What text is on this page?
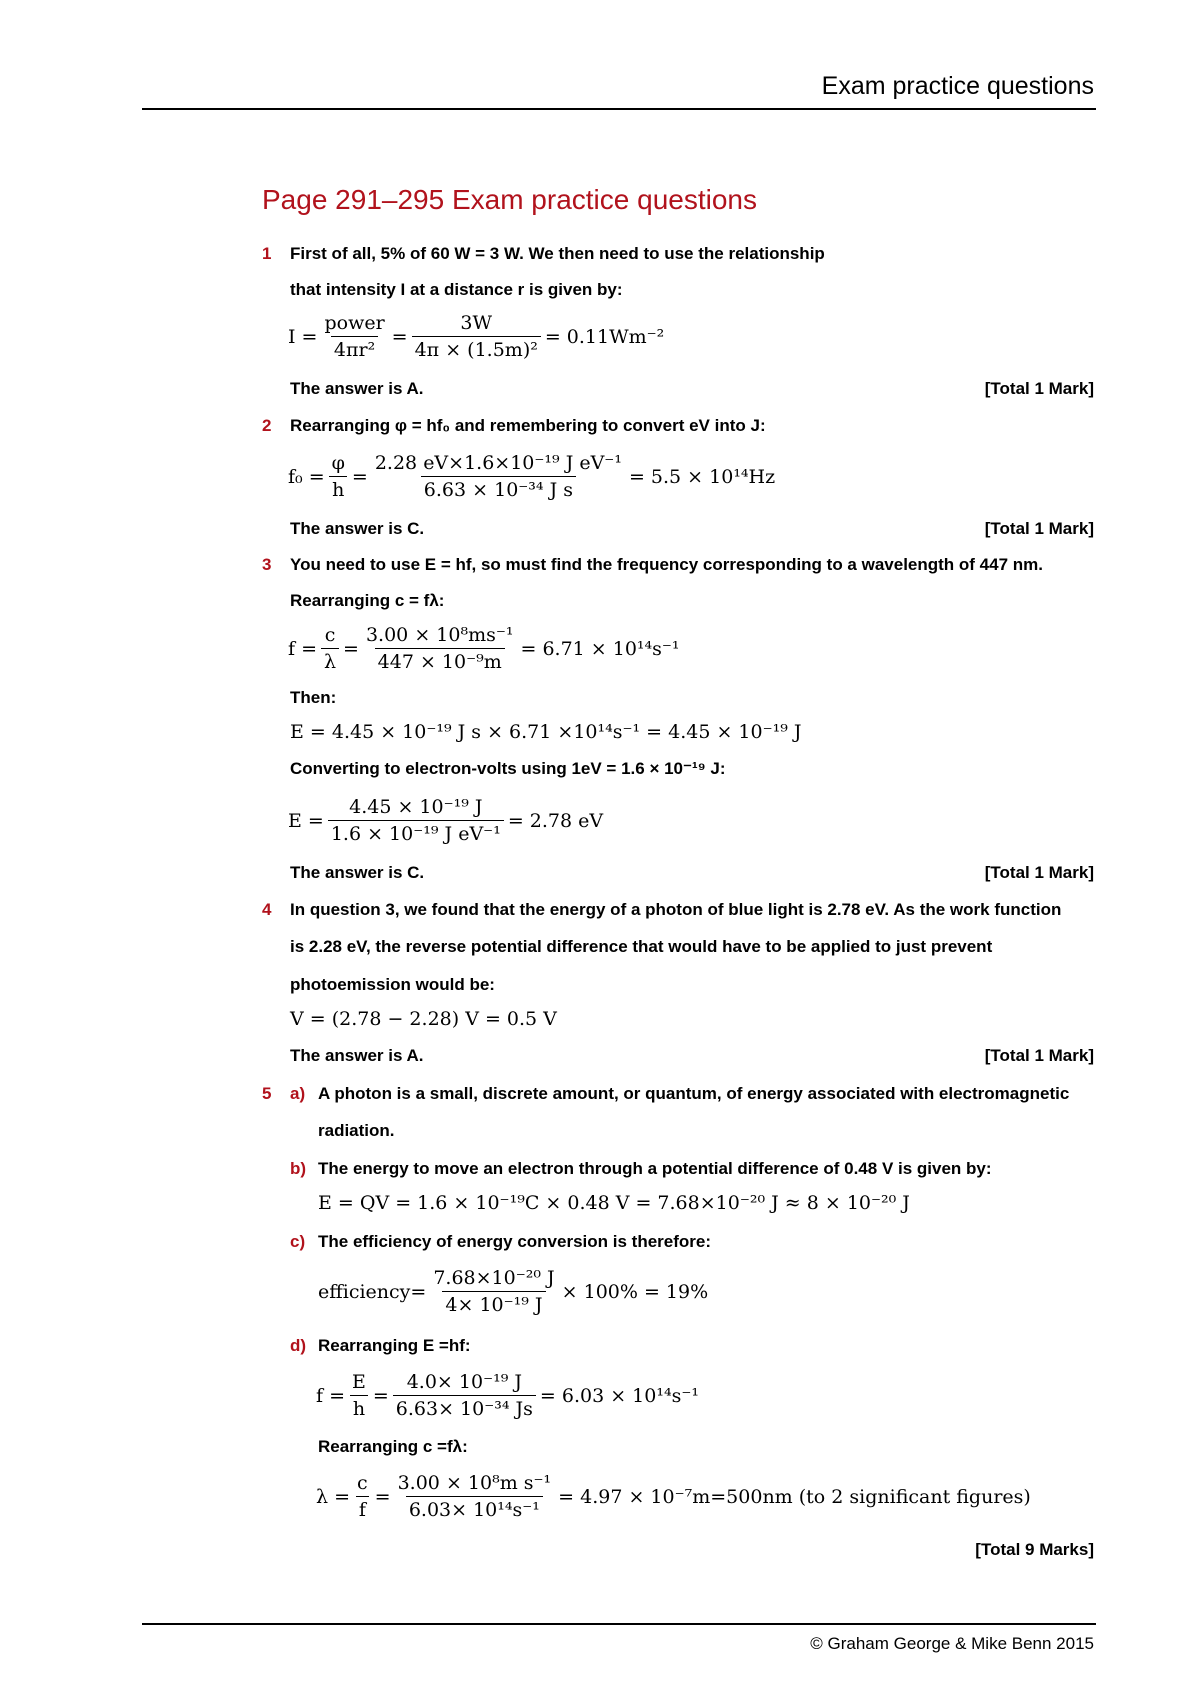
Exam practice questions
Page 291–295 Exam practice questions
1 First of all, 5% of 60 W = 3 W. We then need to use the relationship
that intensity I at a distance r is given by:
$I = \frac{\text{power}}{\text{4πr²}} = \frac{3W}{\text{4π × (1.5m)²}} = 0.11Wm^{-2}$
The answer is A.	[Total 1 Mark]
2 Rearranging φ = hf₀ and remembering to convert eV into J:
$f_0 = \frac{\varphi}{h} = \frac{\text{2.28 eV×1.6×10⁻¹⁹ J eV⁻¹}}{\text{6.63 × 10⁻³⁴ J s}} = 5.5 \times 10^{14}Hz$
The answer is C.	[Total 1 Mark]
3 You need to use E = hf, so must find the frequency corresponding to a wavelength of 447 nm.
Rearranging c = fλ:
$f = \frac{c}{\lambda} = \frac{\text{3.00 × 10⁸ms⁻¹}}{\text{447 × 10⁻⁹m}} = 6.71 \times 10^{14}s^{-1}$
Then:
E = 4.45 × 10⁻¹⁹ J s × 6.71 ×10¹⁴s⁻¹ = 4.45 × 10⁻¹⁹ J
Converting to electron-volts using 1eV = 1.6 × 10⁻¹⁹ J:
$E = \frac{\text{4.45 × 10⁻¹⁹ J}}{\text{1.6 × 10⁻¹⁹ J eV⁻¹}} = 2.78$ eV
The answer is C.	[Total 1 Mark]
4 In question 3, we found that the energy of a photon of blue light is 2.78 eV. As the work function
is 2.28 eV, the reverse potential difference that would have to be applied to just prevent
photoemission would be:
V = (2.78 − 2.28) V = 0.5 V
The answer is A.	[Total 1 Mark]
5 a) A photon is a small, discrete amount, or quantum, of energy associated with electromagnetic
radiation.
b) The energy to move an electron through a potential difference of 0.48 V is given by:
E = QV = 1.6 × 10⁻¹⁹C × 0.48 V = 7.68×10⁻²⁰ J ≈ 8 × 10⁻²⁰ J
c) The efficiency of energy conversion is therefore:
efficiency= $\frac{\text{7.68×10⁻²⁰ J}}{\text{4× 10⁻¹⁹ J}} \times 100\% = 19\%$
d) Rearranging E =hf:
$f = \frac{E}{h} = \frac{\text{4.0× 10⁻¹⁹ J}}{\text{6.63× 10⁻³⁴ Js}} = 6.03 \times 10^{14}s^{-1}$
Rearranging c =fλ:
$\lambda = \frac{c}{f} = \frac{\text{3.00 × 10⁸m s⁻¹}}{\text{6.03× 10¹⁴s⁻¹}} = 4.97 \times 10^{-7}m=500nm$ (to 2 significant figures)
[Total 9 Marks]
© Graham George & Mike Benn 2015
